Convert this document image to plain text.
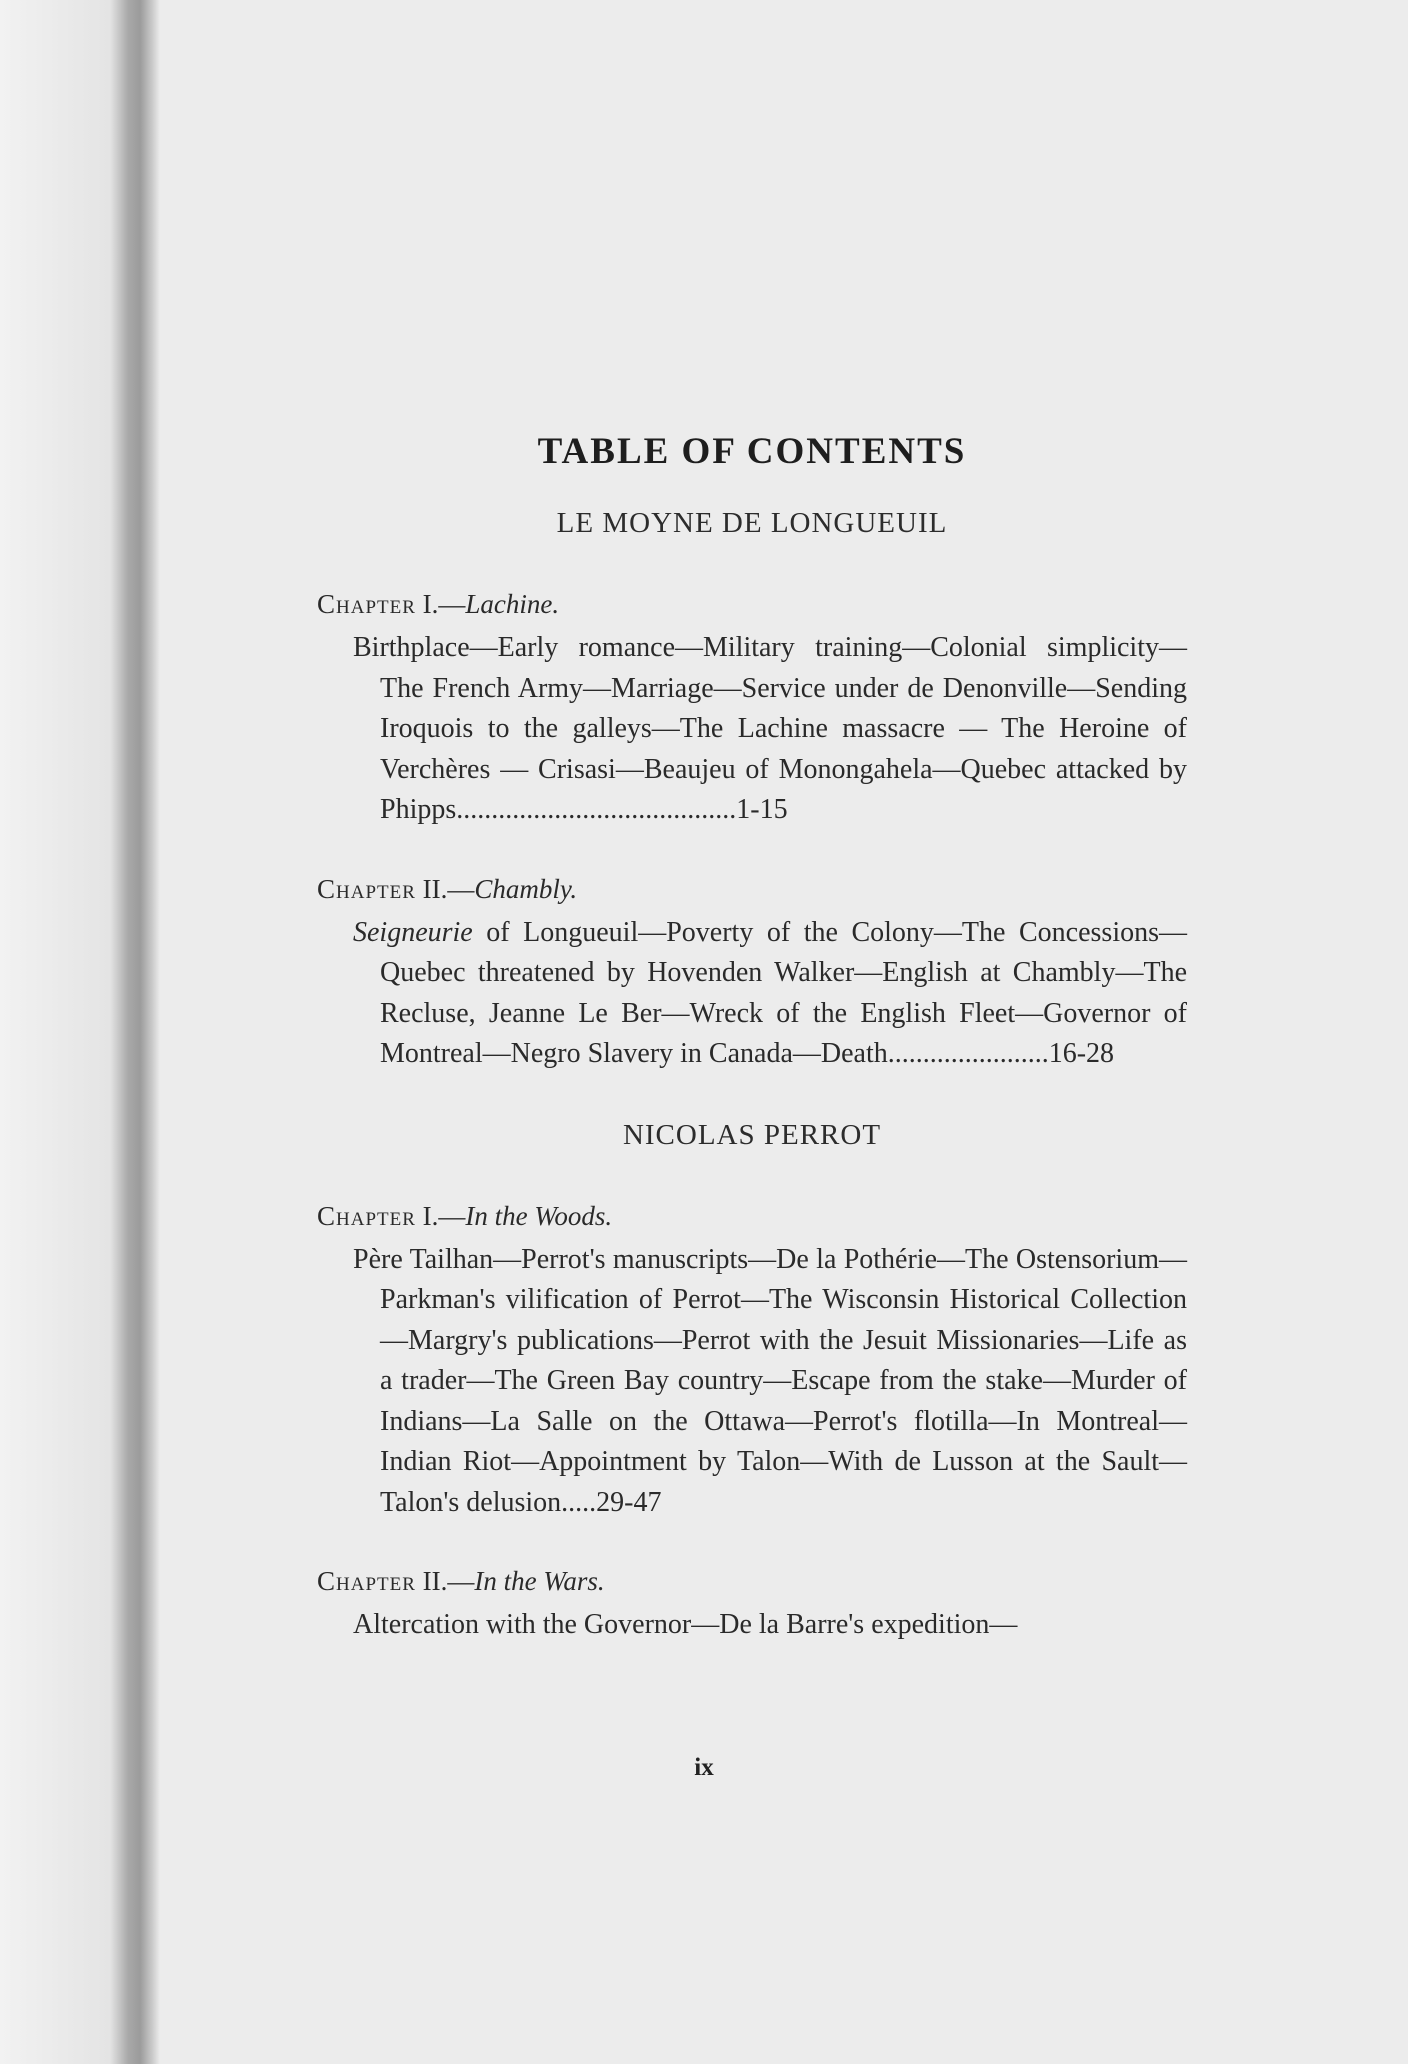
TABLE OF CONTENTS
LE MOYNE DE LONGUEUIL
Chapter I.—Lachine.
Birthplace—Early romance—Military training—Colonial simplicity—The French Army—Marriage—Service under de Denonville—Sending Iroquois to the galleys—The Lachine massacre — The Heroine of Verchères — Crisasi—Beaujeu of Monongahela—Quebec attacked by Phipps........................................1-15
Chapter II.—Chambly.
Seigneurie of Longueuil—Poverty of the Colony—The Concessions—Quebec threatened by Hovenden Walker—English at Chambly—The Recluse, Jeanne Le Ber—Wreck of the English Fleet—Governor of Montreal—Negro Slavery in Canada—Death.......................16-28
NICOLAS PERROT
Chapter I.—In the Woods.
Père Tailhan—Perrot's manuscripts—De la Pothérie—The Ostensorium—Parkman's vilification of Perrot—The Wisconsin Historical Collection—Margry's publications—Perrot with the Jesuit Missionaries—Life as a trader—The Green Bay country—Escape from the stake—Murder of Indians—La Salle on the Ottawa—Perrot's flotilla—In Montreal—Indian Riot—Appointment by Talon—With de Lusson at the Sault—Talon's delusion.....29-47
Chapter II.—In the Wars.
Altercation with the Governor—De la Barre's expedition—
ix
